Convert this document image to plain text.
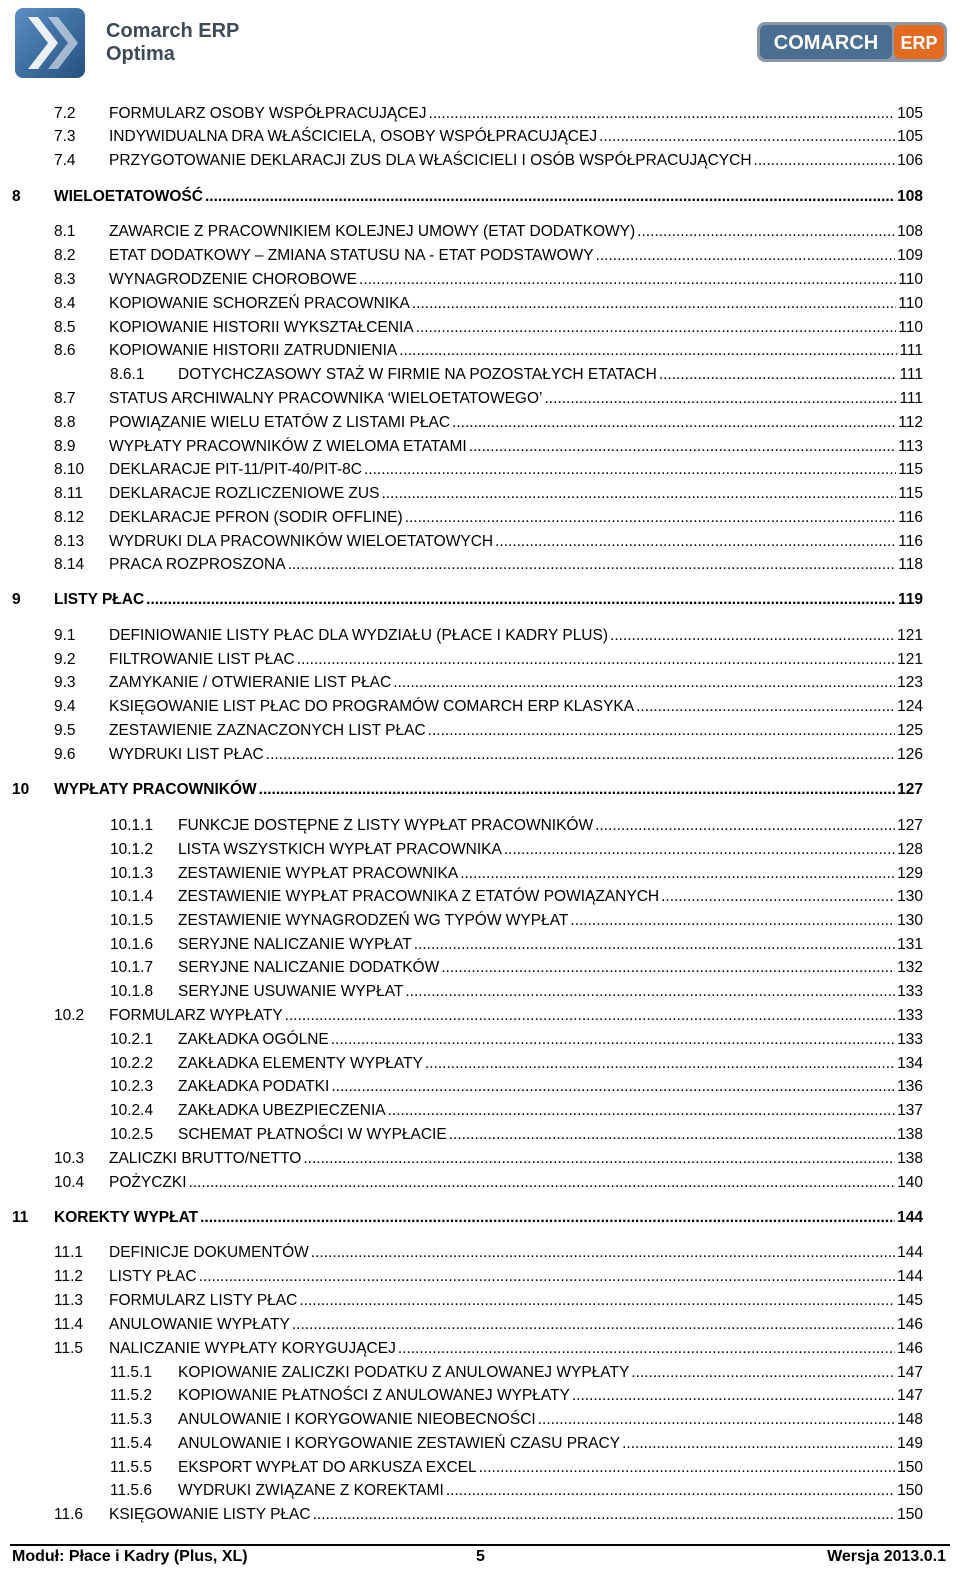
Comarch ERP
Optima	COMARCH ERP
7.2 FORMULARZ OSOBY WSPÓŁPRACUJĄCEJ .....	105
7.3 INDYWIDUALNA DRA WŁAŚCICIELA, OSOBY WSPÓŁPRACUJĄCEJ .....	105
7.4 PRZYGOTOWANIE DEKLARACJI ZUS DLA WŁAŚCICIELI I OSÓB WSPÓŁPRACUJĄCYCH .....	106
8 WIELOETATOWOŚĆ .....	108
8.1 ZAWARCIE Z PRACOWNIKIEM KOLEJNEJ UMOWY (ETAT DODATKOWY) .....	108
8.2 ETAT DODATKOWY – ZMIANA STATUSU NA - ETAT PODSTAWOWY .....	109
8.3 WYNAGRODZENIE CHOROBOWE .....	110
8.4 KOPIOWANIE SCHORZEŃ PRACOWNIKA .....	110
8.5 KOPIOWANIE HISTORII WYKSZTAŁCENIA .....	110
8.6 KOPIOWANIE HISTORII ZATRUDNIENIA .....	111
8.6.1 DOTYCHCZASOWY STAŻ W FIRMIE NA POZOSTAŁYCH ETATACH .....	111
8.7 STATUS ARCHIWALNY PRACOWNIKA ‘WIELOETATOWEGO’ .....	111
8.8 POWIĄZANIE WIELU ETATÓW Z LISTAMI PŁAC .....	112
8.9 WYPŁATY PRACOWNIKÓW Z WIELOMA ETATAMI .....	113
8.10 DEKLARACJE PIT-11/PIT-40/PIT-8C .....	115
8.11 DEKLARACJE ROZLICZENIOWE ZUS .....	115
8.12 DEKLARACJE PFRON (SODIR OFFLINE) .....	116
8.13 WYDRUKI DLA PRACOWNIKÓW WIELOETATOWYCH .....	116
8.14 PRACA ROZPROSZONA .....	118
9 LISTY PŁAC .....	119
9.1 DEFINIOWANIE LISTY PŁAC DLA WYDZIAŁU (PŁACE I KADRY PLUS) .....	121
9.2 FILTROWANIE LIST PŁAC .....	121
9.3 ZAMYKANIE / OTWIERANIE LIST PŁAC .....	123
9.4 KSIĘGOWANIE LIST PŁAC DO PROGRAMÓW COMARCH ERP KLASYKA .....	124
9.5 ZESTAWIENIE ZAZNACZONYCH LIST PŁAC .....	125
9.6 WYDRUKI LIST PŁAC .....	126
10 WYPŁATY PRACOWNIKÓW .....	127
10.1.1 FUNKCJE DOSTĘPNE Z LISTY WYPŁAT PRACOWNIKÓW .....	127
10.1.2 LISTA WSZYSTKICH WYPŁAT PRACOWNIKA .....	128
10.1.3 ZESTAWIENIE WYPŁAT PRACOWNIKA .....	129
10.1.4 ZESTAWIENIE WYPŁAT PRACOWNIKA Z ETATÓW POWIĄZANYCH .....	130
10.1.5 ZESTAWIENIE WYNAGRODZEŃ WG TYPÓW WYPŁAT .....	130
10.1.6 SERYJNE NALICZANIE WYPŁAT .....	131
10.1.7 SERYJNE NALICZANIE DODATKÓW .....	132
10.1.8 SERYJNE USUWANIE WYPŁAT .....	133
10.2 FORMULARZ WYPŁATY .....	133
10.2.1 ZAKŁADKA OGÓLNE .....	133
10.2.2 ZAKŁADKA ELEMENTY WYPŁATY .....	134
10.2.3 ZAKŁADKA PODATKI .....	136
10.2.4 ZAKŁADKA UBEZPIECZENIA .....	137
10.2.5 SCHEMAT PŁATNOŚCI W WYPŁACIE .....	138
10.3 ZALICZKI BRUTTO/NETTO .....	138
10.4 POŻYCZKI .....	140
11 KOREKTY WYPŁAT .....	144
11.1 DEFINICJE DOKUMENTÓW .....	144
11.2 LISTY PŁAC .....	144
11.3 FORMULARZ LISTY PŁAC .....	145
11.4 ANULOWANIE WYPŁATY .....	146
11.5 NALICZANIE WYPŁATY KORYGUJĄCEJ .....	146
11.5.1 KOPIOWANIE ZALICZKI PODATKU Z ANULOWANEJ WYPŁATY .....	147
11.5.2 KOPIOWANIE PŁATNOŚCI Z ANULOWANEJ WYPŁATY .....	147
11.5.3 ANULOWANIE I KORYGOWANIE NIEOBECNOŚCI .....	148
11.5.4 ANULOWANIE I KORYGOWANIE ZESTAWIEŃ CZASU PRACY .....	149
11.5.5 EKSPORT WYPŁAT DO ARKUSZA EXCEL .....	150
11.5.6 WYDRUKI ZWIĄZANE Z KOREKTAMI .....	150
11.6 KSIĘGOWANIE LISTY PŁAC .....	150
Moduł: Płace i Kadry (Plus, XL)	5	Wersja 2013.0.1
